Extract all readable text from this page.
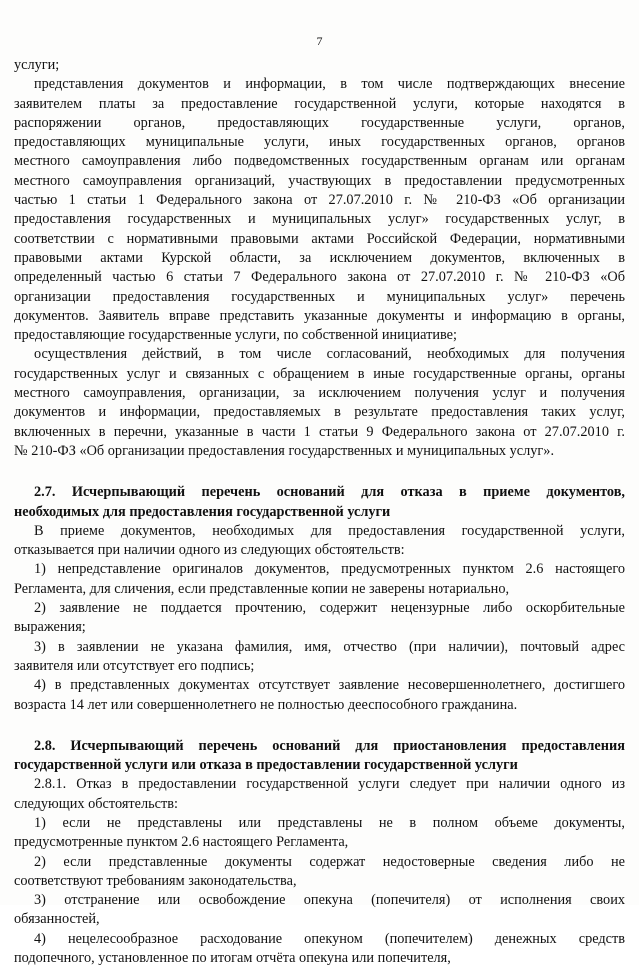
7
услуги;
представления документов и информации, в том числе подтверждающих внесение
заявителем платы за предоставление государственной услуги, которые находятся в
распоряжении органов, предоставляющих государственные услуги, органов,
предоставляющих муниципальные услуги, иных государственных органов, органов
местного самоуправления либо подведомственных государственным органам или органам
местного самоуправления организаций, участвующих в предоставлении предусмотренных
частью 1 статьи 1 Федерального закона от 27.07.2010 г. № 210-ФЗ «Об организации
предоставления государственных и муниципальных услуг» государственных услуг, в
соответствии с нормативными правовыми актами Российской Федерации, нормативными
правовыми актами Курской области, за исключением документов, включенных в
определенный частью 6 статьи 7 Федерального закона от 27.07.2010 г. № 210-ФЗ «Об
организации предоставления государственных и муниципальных услуг» перечень
документов. Заявитель вправе представить указанные документы и информацию в органы,
предоставляющие государственные услуги, по собственной инициативе;
осуществления действий, в том числе согласований, необходимых для получения
государственных услуг и связанных с обращением в иные государственные органы, органы
местного самоуправления, организации, за исключением получения услуг и получения
документов и информации, предоставляемых в результате предоставления таких услуг,
включенных в перечни, указанные в части 1 статьи 9 Федерального закона от 27.07.2010 г.
№ 210-ФЗ «Об организации предоставления государственных и муниципальных услуг».
2.7. Исчерпывающий перечень оснований для отказа в приеме документов,
необходимых для предоставления государственной услуги
В приеме документов, необходимых для предоставления государственной услуги,
отказывается при наличии одного из следующих обстоятельств:
1) непредставление оригиналов документов, предусмотренных пунктом 2.6 настоящего
Регламента, для сличения, если представленные копии не заверены нотариально,
2) заявление не поддается прочтению, содержит нецензурные либо оскорбительные
выражения;
3) в заявлении не указана фамилия, имя, отчество (при наличии), почтовый адрес
заявителя или отсутствует его подпись;
4) в представленных документах отсутствует заявление несовершеннолетнего, достигшего
возраста 14 лет или совершеннолетнего не полностью дееспособного гражданина.
2.8. Исчерпывающий перечень оснований для приостановления предоставления
государственной услуги или отказа в предоставлении государственной услуги
2.8.1. Отказ в предоставлении государственной услуги следует при наличии одного из
следующих обстоятельств:
1) если не представлены или представлены не в полном объеме документы,
предусмотренные пунктом 2.6 настоящего Регламента,
2) если представленные документы содержат недостоверные сведения либо не
соответствуют требованиям законодательства,
3) отстранение или освобождение опекуна (попечителя) от исполнения своих
обязанностей,
4) нецелесообразное расходование опекуном (попечителем) денежных средств
подопечного, установленное по итогам отчёта опекуна или попечителя,
